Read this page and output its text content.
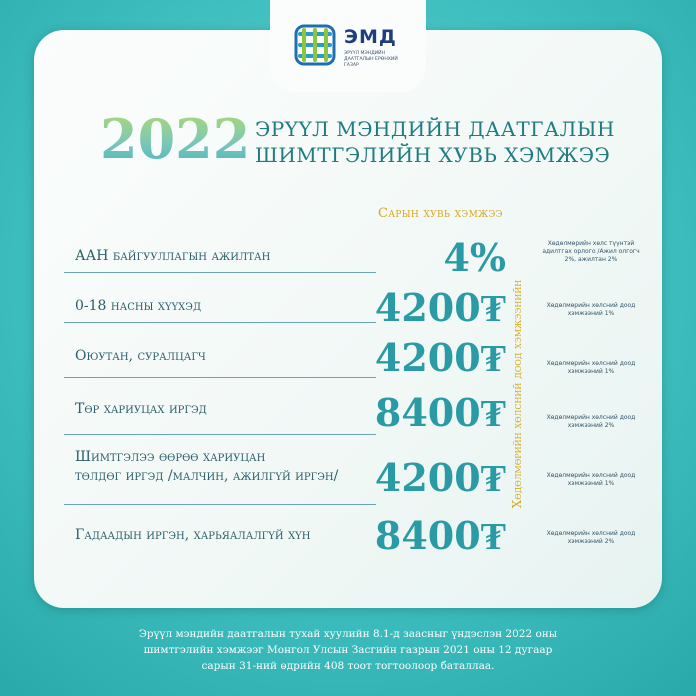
ЭМД
ЭРҮҮЛ МЭНДИЙН ДААТГАЛЫН ЕРӨНХИЙ ГАЗАР
2022 ЭРҮҮЛ МЭНДИЙН ДААТГАЛЫН
ШИМТГЭЛИЙН ХУВЬ ХЭМЖЭЭ
Сарын хувь хэмжээ
Хөдөлмөрийн хөлсний доод хэмжээнийн
ААН байгууллагын ажилтан	4%	Хөдөлмөрийн хөлс түүнтэй адилтгах орлого /Ажил олгогч 2%, ажилтан 2%
0-18 насны хүүхэд	4200₮	Хөдөлмөрийн хөлсний доод хэмжээний 1%
Оюутан, суралцагч	4200₮	Хөдөлмөрийн хөлсний доод хэмжээний 1%
Төр хариуцах иргэд	8400₮	Хөдөлмөрийн хөлсний доод хэмжээний 2%
Шимтгэлээ өөрөө хариуцан
төлдөг иргэд /малчин, ажилгүй иргэн/ 4200₮	Хөдөлмөрийн хөлсний доод хэмжээний 1%
Гадаадын иргэн, харьяалалгүй хүн	8400₮	Хөдөлмөрийн хөлсний доод хэмжээний 2%
Эрүүл мэндийн даатгалын тухай хуулийн 8.1-д заасныг үндэслэн 2022 оны
шимтгэлийн хэмжээг Монгол Улсын Засгийн газрын 2021 оны 12 дугаар
сарын 31-ний өдрийн 408 тоот тогтоолоор баталлаа.
